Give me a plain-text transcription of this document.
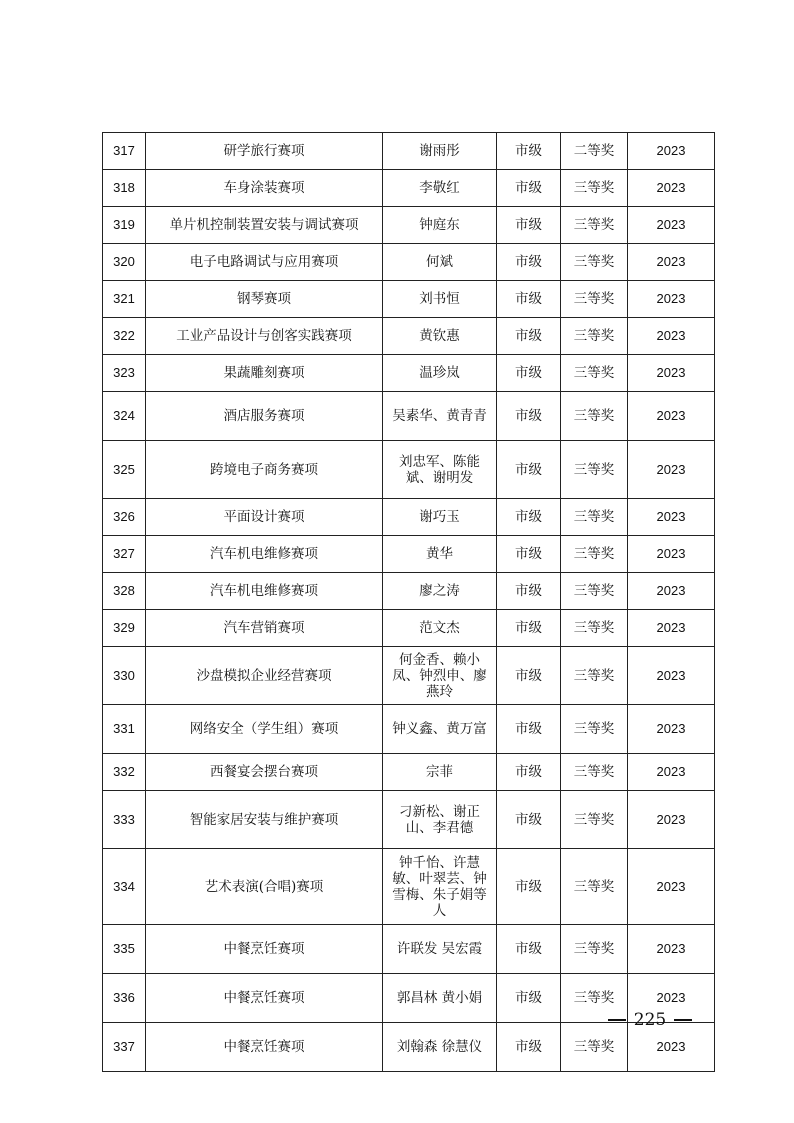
317	研学旅行赛项	谢雨彤	市级	二等奖	2023
318	车身涂装赛项	李敬红	市级	三等奖	2023
319	单片机控制装置安装与调试赛项	钟庭东	市级	三等奖	2023
320	电子电路调试与应用赛项	何斌	市级	三等奖	2023
321	钢琴赛项	刘书恒	市级	三等奖	2023
322	工业产品设计与创客实践赛项	黄钦惠	市级	三等奖	2023
323	果蔬雕刻赛项	温珍岚	市级	三等奖	2023
324	酒店服务赛项	吴素华、黄青青	市级	三等奖	2023
325	跨境电子商务赛项	刘忠军、陈能斌、谢明发	市级	三等奖	2023
326	平面设计赛项	谢巧玉	市级	三等奖	2023
327	汽车机电维修赛项	黄华	市级	三等奖	2023
328	汽车机电维修赛项	廖之涛	市级	三等奖	2023
329	汽车营销赛项	范文杰	市级	三等奖	2023
330	沙盘模拟企业经营赛项	何金香、赖小凤、钟烈申、廖燕玲	市级	三等奖	2023
331	网络安全（学生组）赛项	钟义鑫、黄万富	市级	三等奖	2023
332	西餐宴会摆台赛项	宗菲	市级	三等奖	2023
333	智能家居安装与维护赛项	刁新松、谢正山、李君德	市级	三等奖	2023
334	艺术表演(合唱)赛项	钟千怡、许慧敏、叶翠芸、钟雪梅、朱子娟等人	市级	三等奖	2023
335	中餐烹饪赛项	许联发 吴宏霞	市级	三等奖	2023
336	中餐烹饪赛项	郭昌林 黄小娟	市级	三等奖	2023
337	中餐烹饪赛项	刘翰森 徐慧仪	市级	三等奖	2023
225
